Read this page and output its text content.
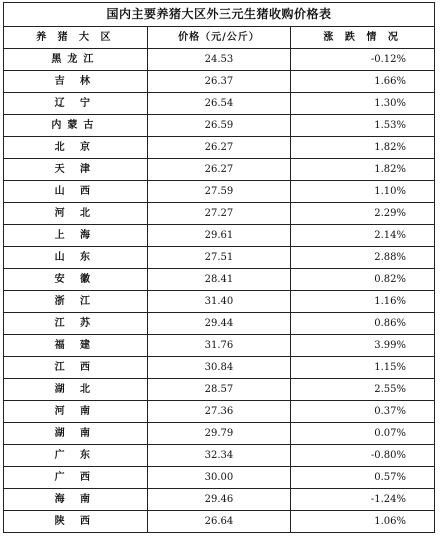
国内主要养猪大区外三元生猪收购价格表		
养 猪 大 区	价格（元/公斤）	涨 跌 情 况
黑龙江	24.53	-0.12%
吉 林	26.37	1.66%
辽 宁	26.54	1.30%
内蒙古	26.59	1.53%
北 京	26.27	1.82%
天 津	26.27	1.82%
山 西	27.59	1.10%
河 北	27.27	2.29%
上 海	29.61	2.14%
山 东	27.51	2.88%
安 徽	28.41	0.82%
浙 江	31.40	1.16%
江 苏	29.44	0.86%
福 建	31.76	3.99%
江 西	30.84	1.15%
湖 北	28.57	2.55%
河 南	27.36	0.37%
湖 南	29.79	0.07%
广 东	32.34	-0.80%
广 西	30.00	0.57%
海 南	29.46	-1.24%
陕 西	26.64	1.06%
